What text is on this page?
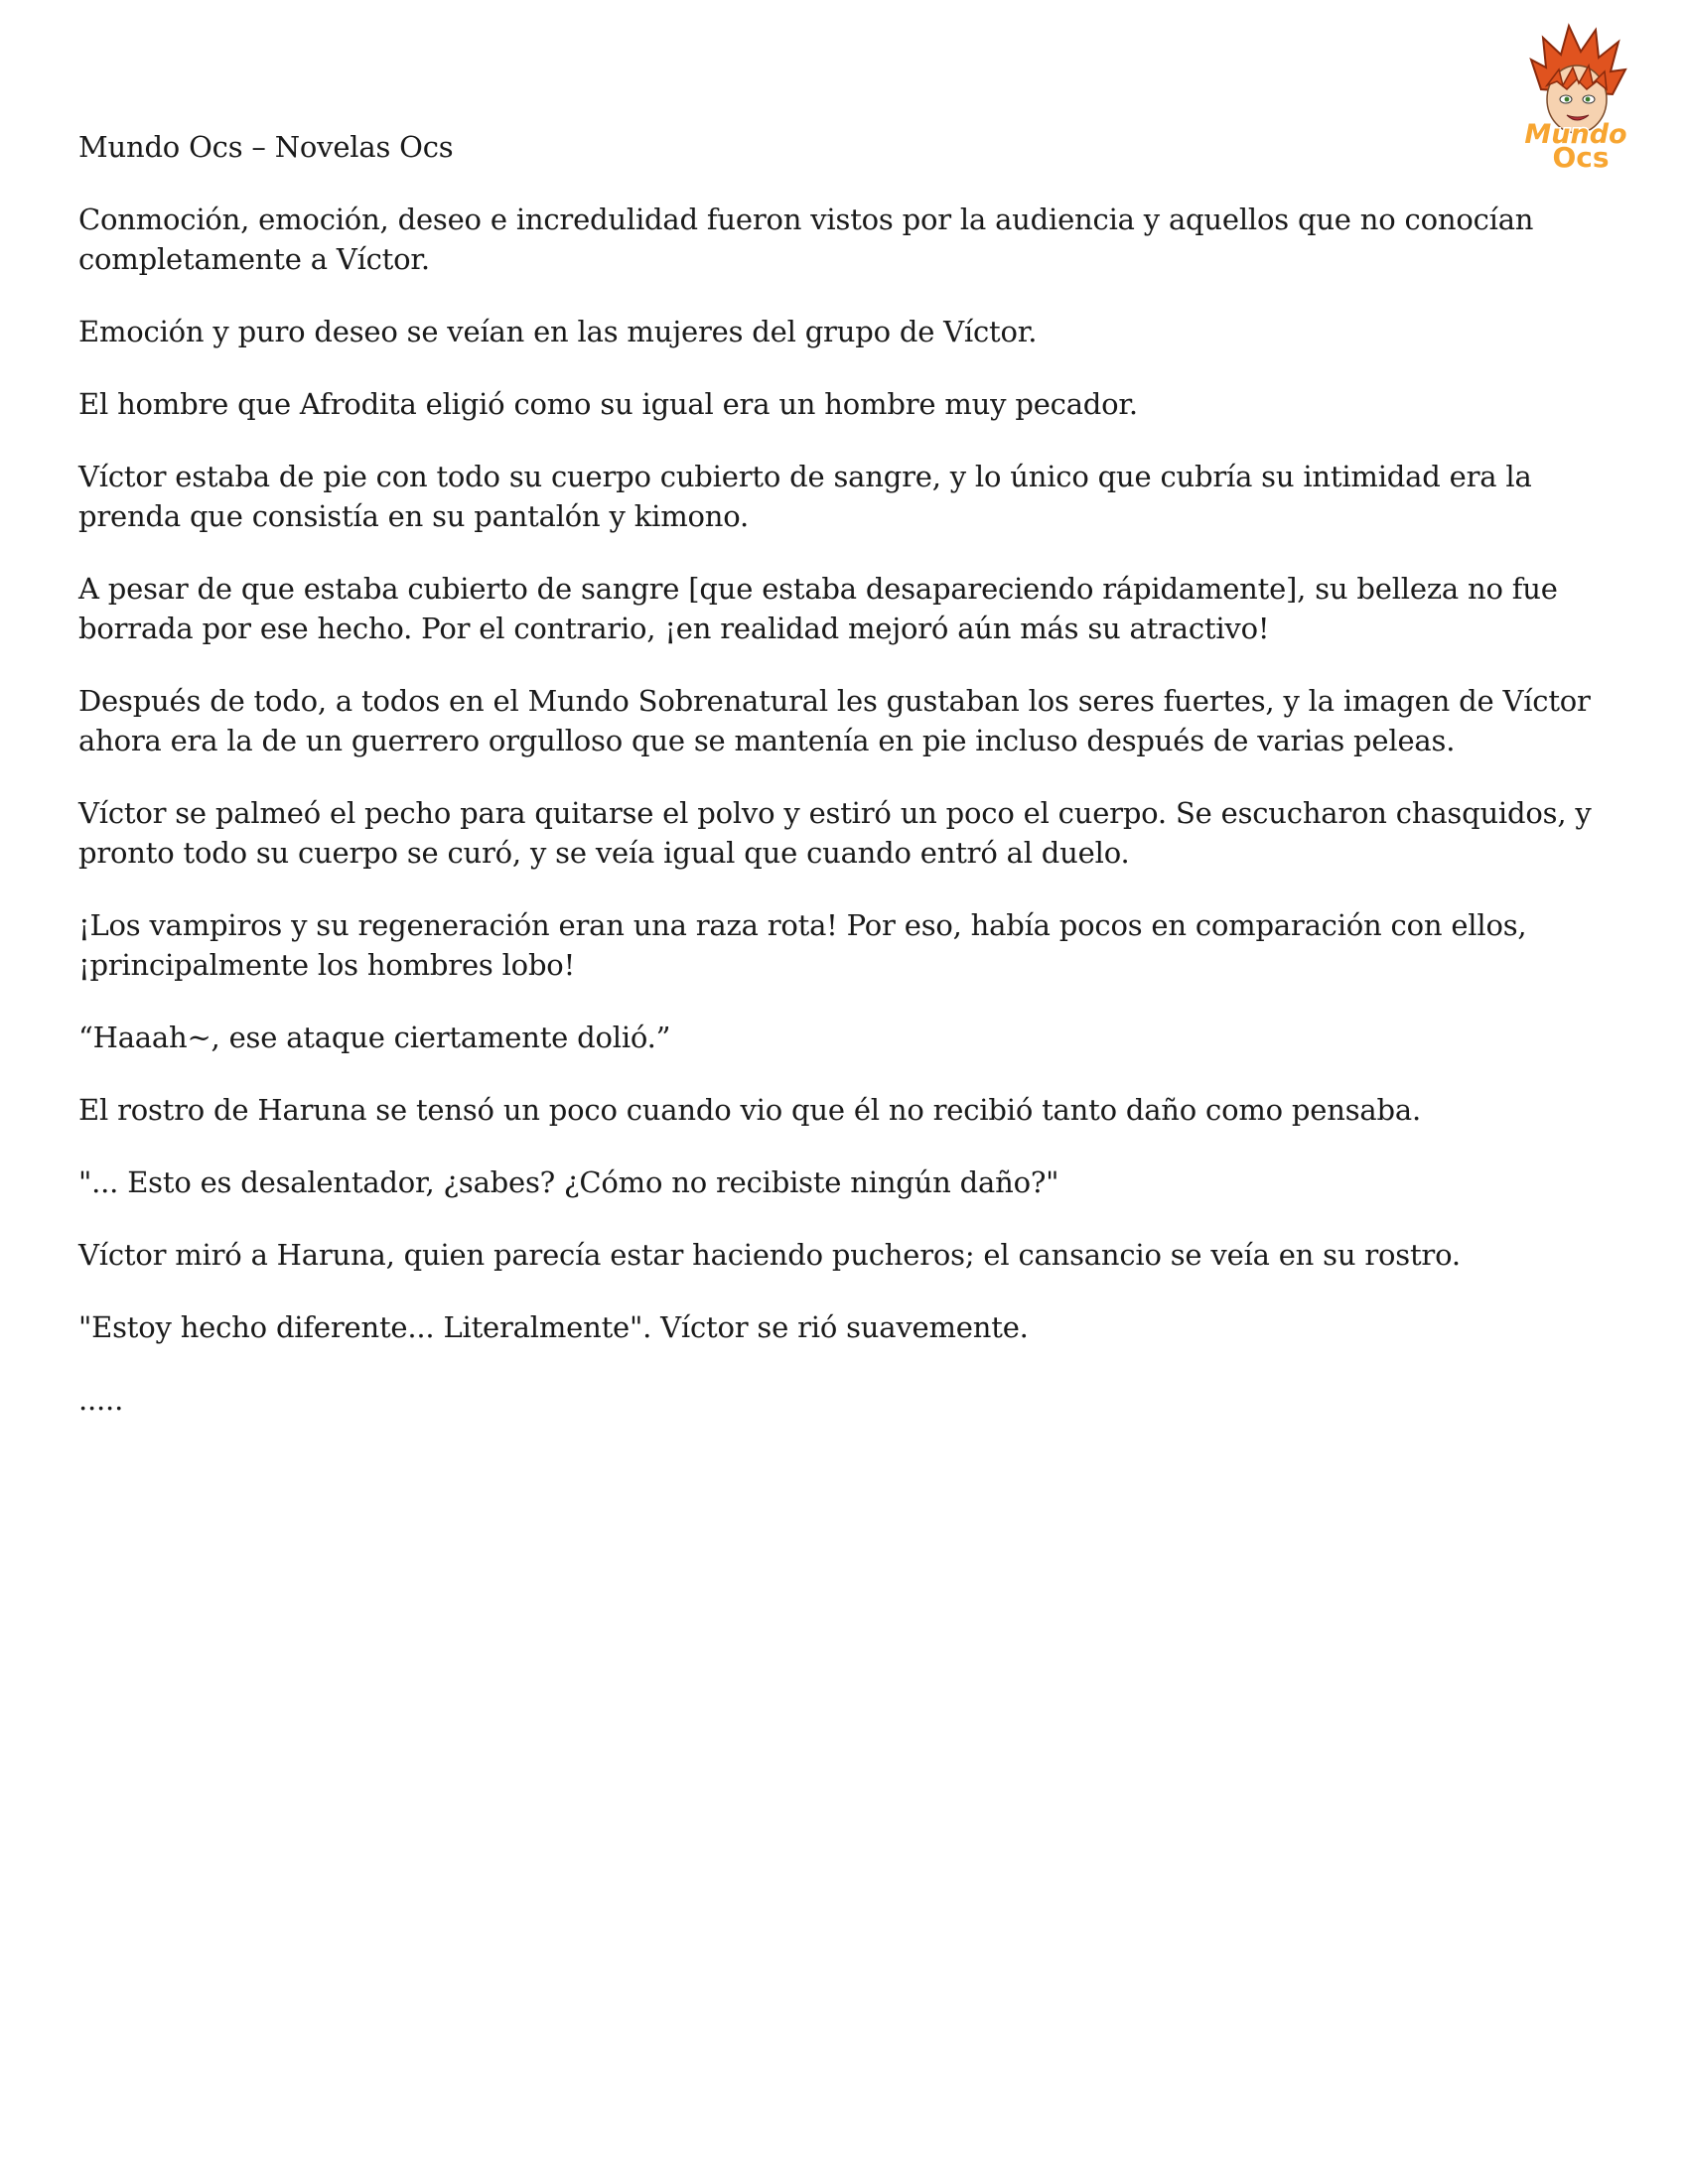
Mundo
Ocs

Mundo Ocs – Novelas Ocs

Conmoción, emoción, deseo e incredulidad fueron vistos por la audiencia y aquellos que no conocían completamente a Víctor.

Emoción y puro deseo se veían en las mujeres del grupo de Víctor.

El hombre que Afrodita eligió como su igual era un hombre muy pecador.

Víctor estaba de pie con todo su cuerpo cubierto de sangre, y lo único que cubría su intimidad era la prenda que consistía en su pantalón y kimono.

A pesar de que estaba cubierto de sangre [que estaba desapareciendo rápidamente], su belleza no fue borrada por ese hecho. Por el contrario, ¡en realidad mejoró aún más su atractivo!

Después de todo, a todos en el Mundo Sobrenatural les gustaban los seres fuertes, y la imagen de Víctor ahora era la de un guerrero orgulloso que se mantenía en pie incluso después de varias peleas.

Víctor se palmeó el pecho para quitarse el polvo y estiró un poco el cuerpo. Se escucharon chasquidos, y pronto todo su cuerpo se curó, y se veía igual que cuando entró al duelo.

¡Los vampiros y su regeneración eran una raza rota! Por eso, había pocos en comparación con ellos, ¡principalmente los hombres lobo!

“Haaah~, ese ataque ciertamente dolió.”

El rostro de Haruna se tensó un poco cuando vio que él no recibió tanto daño como pensaba.

"... Esto es desalentador, ¿sabes? ¿Cómo no recibiste ningún daño?"

Víctor miró a Haruna, quien parecía estar haciendo pucheros; el cansancio se veía en su rostro.

"Estoy hecho diferente... Literalmente". Víctor se rió suavemente.

.....
